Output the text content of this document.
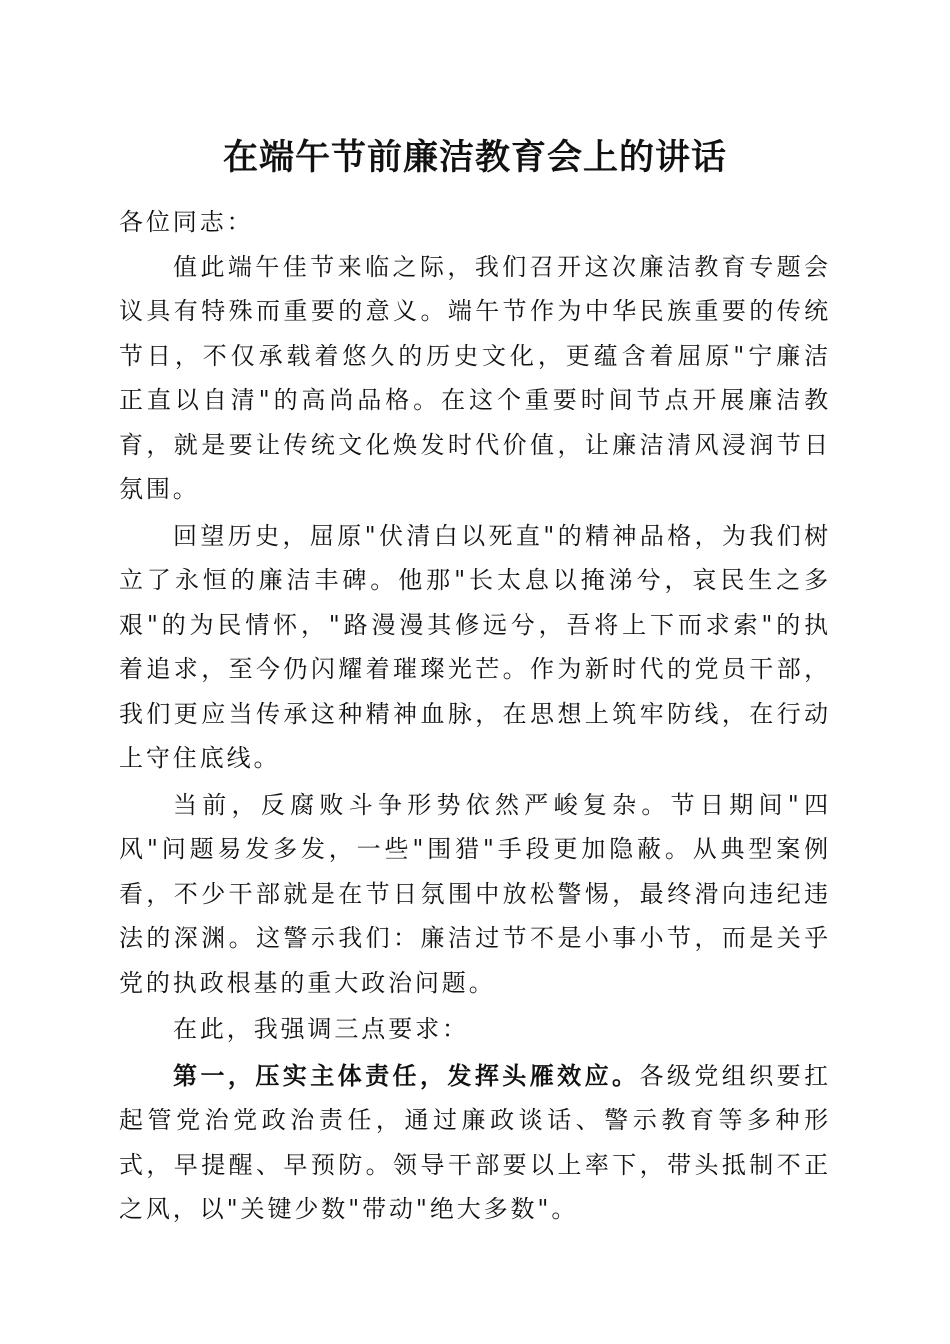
在端午节前廉洁教育会上的讲话

各位同志：

值此端午佳节来临之际，我们召开这次廉洁教育专题会议具有特殊而重要的意义。端午节作为中华民族重要的传统节日，不仅承载着悠久的历史文化，更蕴含着屈原"宁廉洁正直以自清"的高尚品格。在这个重要时间节点开展廉洁教育，就是要让传统文化焕发时代价值，让廉洁清风浸润节日氛围。

回望历史，屈原"伏清白以死直"的精神品格，为我们树立了永恒的廉洁丰碑。他那"长太息以掩涕兮，哀民生之多艰"的为民情怀，"路漫漫其修远兮，吾将上下而求索"的执着追求，至今仍闪耀着璀璨光芒。作为新时代的党员干部，我们更应当传承这种精神血脉，在思想上筑牢防线，在行动上守住底线。

当前，反腐败斗争形势依然严峻复杂。节日期间"四风"问题易发多发，一些"围猎"手段更加隐蔽。从典型案例看，不少干部就是在节日氛围中放松警惕，最终滑向违纪违法的深渊。这警示我们：廉洁过节不是小事小节，而是关乎党的执政根基的重大政治问题。

在此，我强调三点要求：

第一，压实主体责任，发挥头雁效应。各级党组织要扛起管党治党政治责任，通过廉政谈话、警示教育等多种形式，早提醒、早预防。领导干部要以上率下，带头抵制不正之风，以"关键少数"带动"绝大多数"。
